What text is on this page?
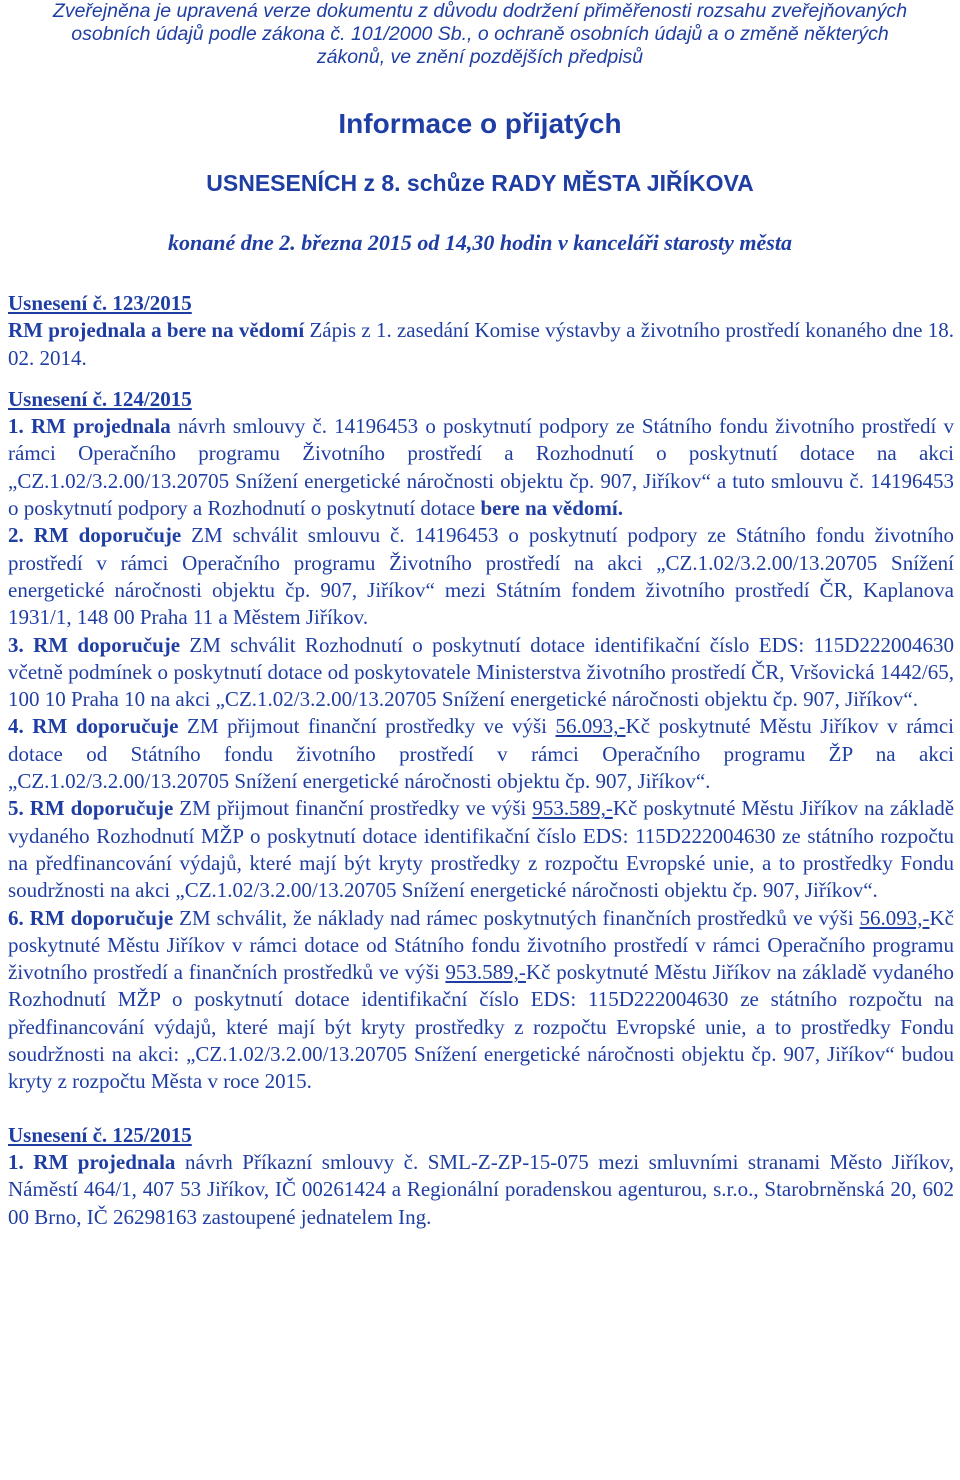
Zveřejněna je upravená verze dokumentu z důvodu dodržení přiměřenosti rozsahu zveřejňovaných
osobních údajů podle zákona č. 101/2000 Sb., o ochraně osobních údajů a o změně některých
zákonů, ve znění pozdějších předpisů
Informace o přijatých
USNESENÍCH z 8. schůze RADY MĚSTA JIŘÍKOVA
konané dne 2. března 2015 od 14,30 hodin v kanceláři starosty města

Usnesení č. 123/2015

RM projednala a bere na vědomí Zápis z 1. zasedání Komise výstavby a životního prostředí konaného dne 18. 02. 2014.

Usnesení č. 124/2015

1. RM projednala návrh smlouvy č. 14196453 o poskytnutí podpory ze Státního fondu životního prostředí v rámci Operačního programu Životního prostředí a Rozhodnutí o poskytnutí dotace na akci „CZ.1.02/3.2.00/13.20705 Snížení energetické náročnosti objektu čp. 907, Jiříkov“ a tuto smlouvu č. 14196453 o poskytnutí podpory a Rozhodnutí o poskytnutí dotace bere na vědomí.

2. RM doporučuje ZM schválit smlouvu č. 14196453 o poskytnutí podpory ze Státního fondu životního prostředí v rámci Operačního programu Životního prostředí na akci „CZ.1.02/3.2.00/13.20705 Snížení energetické náročnosti objektu čp. 907, Jiříkov“ mezi Státním fondem životního prostředí ČR, Kaplanova 1931/1, 148 00 Praha 11 a Městem Jiříkov.

3. RM doporučuje ZM schválit Rozhodnutí o poskytnutí dotace identifikační číslo EDS: 115D222004630 včetně podmínek o poskytnutí dotace od poskytovatele Ministerstva životního prostředí ČR, Vršovická 1442/65, 100 10 Praha 10 na akci „CZ.1.02/3.2.00/13.20705 Snížení energetické náročnosti objektu čp. 907, Jiříkov“.

4. RM doporučuje ZM přijmout finanční prostředky ve výši 56.093,-Kč poskytnuté Městu Jiříkov v rámci dotace od Státního fondu životního prostředí v rámci Operačního programu ŽP na akci „CZ.1.02/3.2.00/13.20705 Snížení energetické náročnosti objektu čp. 907, Jiříkov“.

5. RM doporučuje ZM přijmout finanční prostředky ve výši 953.589,-Kč poskytnuté Městu Jiříkov na základě vydaného Rozhodnutí MŽP o poskytnutí dotace identifikační číslo EDS: 115D222004630 ze státního rozpočtu na předfinancování výdajů, které mají být kryty prostředky z rozpočtu Evropské unie, a to prostředky Fondu soudržnosti na akci „CZ.1.02/3.2.00/13.20705 Snížení energetické náročnosti objektu čp. 907, Jiříkov“.

6. RM doporučuje ZM schválit, že náklady nad rámec poskytnutých finančních prostředků ve výši 56.093,-Kč poskytnuté Městu Jiříkov v rámci dotace od Státního fondu životního prostředí v rámci Operačního programu životního prostředí a finančních prostředků ve výši 953.589,-Kč poskytnuté Městu Jiříkov na základě vydaného Rozhodnutí MŽP o poskytnutí dotace identifikační číslo EDS: 115D222004630 ze státního rozpočtu na předfinancování výdajů, které mají být kryty prostředky z rozpočtu Evropské unie, a to prostředky Fondu soudržnosti na akci: „CZ.1.02/3.2.00/13.20705 Snížení energetické náročnosti objektu čp. 907, Jiříkov“ budou kryty z rozpočtu Města v roce 2015.

Usnesení č. 125/2015

1. RM projednala návrh Příkazní smlouvy č. SML-Z-ZP-15-075 mezi smluvními stranami Město Jiříkov, Náměstí 464/1, 407 53 Jiříkov, IČ 00261424 a Regionální poradenskou agenturou, s.r.o., Starobrněnská 20, 602 00 Brno, IČ 26298163 zastoupené jednatelem Ing.
